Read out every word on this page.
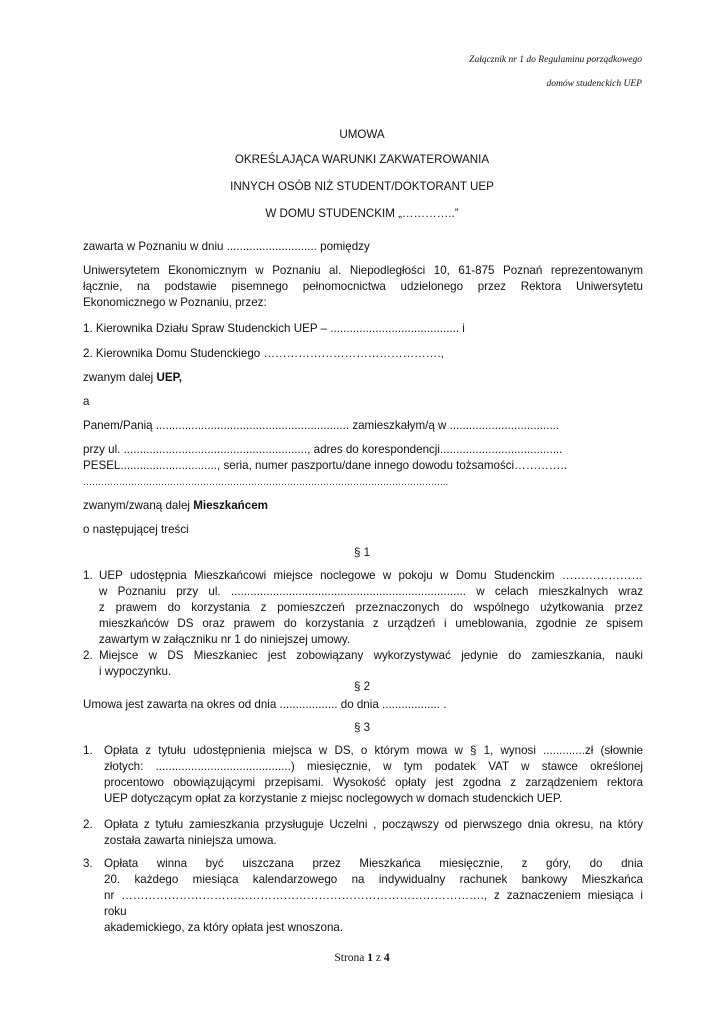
Załącznik nr 1 do Regulaminu porządkowego
domów studenckich UEP
UMOWA
OKREŚLAJĄCA WARUNKI ZAKWATEROWANIA
INNYCH OSÓB NIŻ STUDENT/DOKTORANT UEP
W DOMU STUDENCKIM „…………..”
zawarta w Poznaniu w dniu ............................ pomiędzy
Uniwersytetem Ekonomicznym w Poznaniu al. Niepodległości 10, 61-875 Poznań reprezentowanym
łącznie, na podstawie pisemnego pełnomocnictwa udzielonego przez Rektora Uniwersytetu
Ekonomicznego w Poznaniu, przez:
1. Kierownika Działu Spraw Studenckich UEP – ........................................ i
2. Kierownika Domu Studenckiego ……………………………………….,
zwanym dalej UEP,
a
Panem/Panią ............................................................ zamieszkałym/ą w ..................................
przy ul. ........................................................., adres do korespondencji......................................
PESEL.............................., seria, numer paszportu/dane innego dowodu tożsamości…………..
…………………………………………………………………………………………………………..
zwanym/zwaną dalej Mieszkańcem
o następującej treści
§ 1
1. UEP udostępnia Mieszkańcowi miejsce noclegowe w pokoju w Domu Studenckim …………………
w Poznaniu przy ul. ......................................................................... w celach mieszkalnych wraz
z prawem do korzystania z pomieszczeń przeznaczonych do wspólnego użytkowania przez
mieszkańców DS oraz prawem do korzystania z urządzeń i umeblowania, zgodnie ze spisem
zawartym w załączniku nr 1 do niniejszej umowy.
2. Miejsce w DS Mieszkaniec jest zobowiązany wykorzystywać jedynie do zamieszkania, nauki
i wypoczynku.
§ 2
Umowa jest zawarta na okres od dnia .................. do dnia .................. .
§ 3
1. Opłata z tytułu udostępnienia miejsca w DS, o którym mowa w § 1, wynosi .............zł (słownie
złotych: ..........................................) miesięcznie, w tym podatek VAT w stawce określonej
procentowo obowiązującymi przepisami. Wysokość opłaty jest zgodna z zarządzeniem rektora
UEP dotyczącym opłat za korzystanie z miejsc noclegowych w domach studenckich UEP.
2. Opłata z tytułu zamieszkania przysługuje Uczelni , począwszy od pierwszego dnia okresu, na który
została zawarta niniejsza umowa.
3. Opłata winna być uiszczana przez Mieszkańca miesięcznie, z góry, do dnia
20. każdego miesiąca kalendarzowego na indywidualny rachunek bankowy Mieszkańca
nr …………………………………………………………………………………., z zaznaczeniem miesiąca i roku
akademickiego, za który opłata jest wnoszona.
Strona 1 z 4
